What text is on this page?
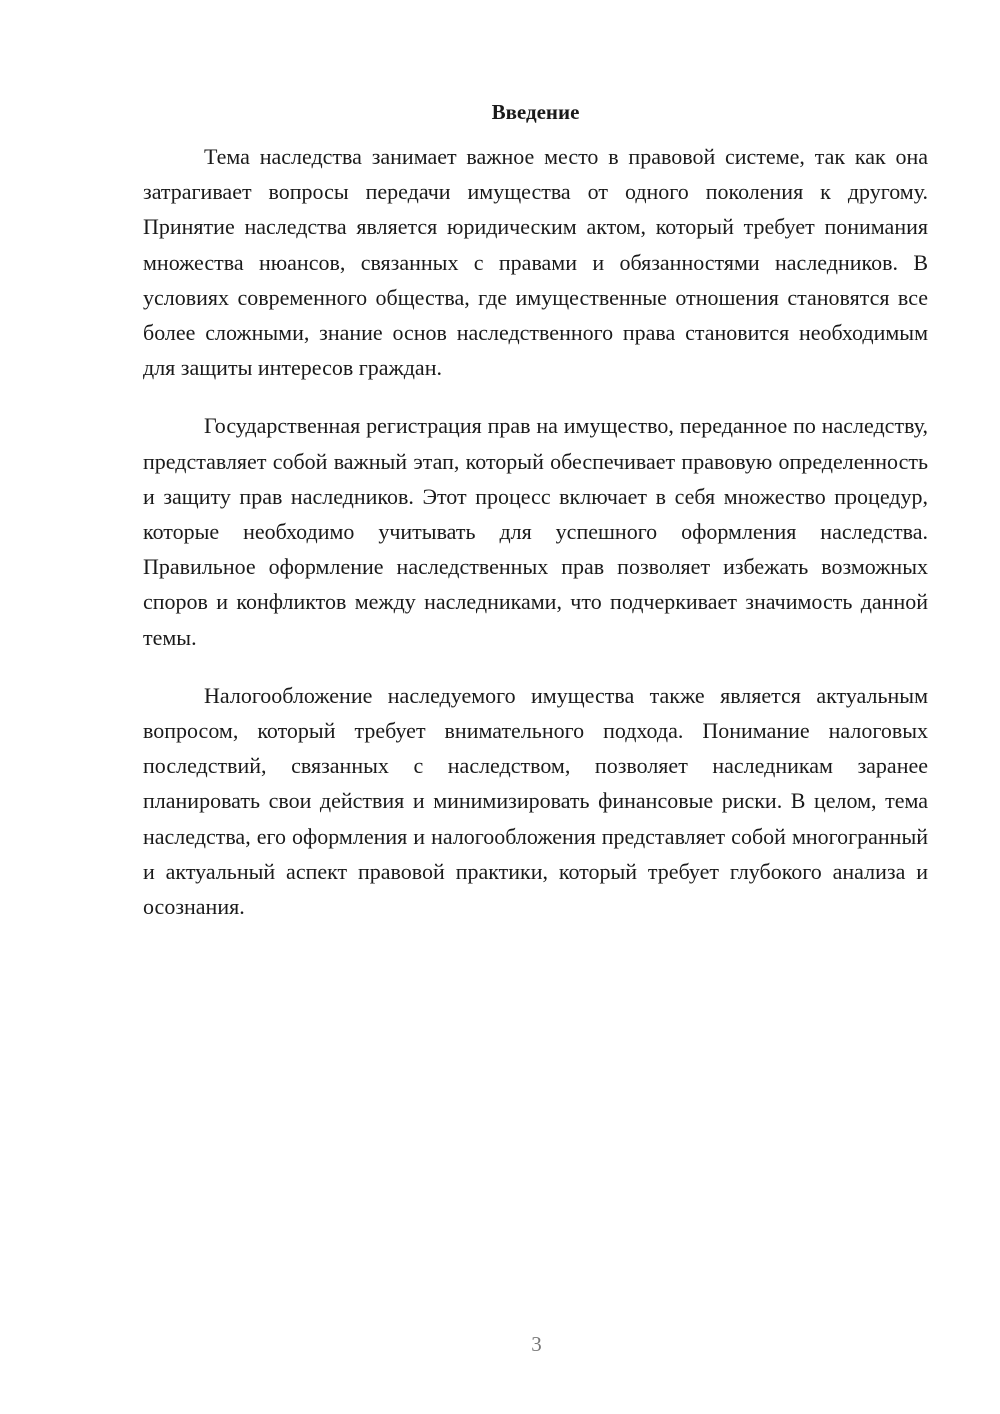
Введение

Тема наследства занимает важное место в правовой системе, так как она затрагивает вопросы передачи имущества от одного поколения к другому. Принятие наследства является юридическим актом, который требует понимания множества нюансов, связанных с правами и обязанностями наследников. В условиях современного общества, где имущественные отношения становятся все более сложными, знание основ наследственного права становится необходимым для защиты интересов граждан.

Государственная регистрация прав на имущество, переданное по наследству, представляет собой важный этап, который обеспечивает правовую определенность и защиту прав наследников. Этот процесс включает в себя множество процедур, которые необходимо учитывать для успешного оформления наследства. Правильное оформление наследственных прав позволяет избежать возможных споров и конфликтов между наследниками, что подчеркивает значимость данной темы.

Налогообложение наследуемого имущества также является актуальным вопросом, который требует внимательного подхода. Понимание налоговых последствий, связанных с наследством, позволяет наследникам заранее планировать свои действия и минимизировать финансовые риски. В целом, тема наследства, его оформления и налогообложения представляет собой многогранный и актуальный аспект правовой практики, который требует глубокого анализа и осознания.

3
